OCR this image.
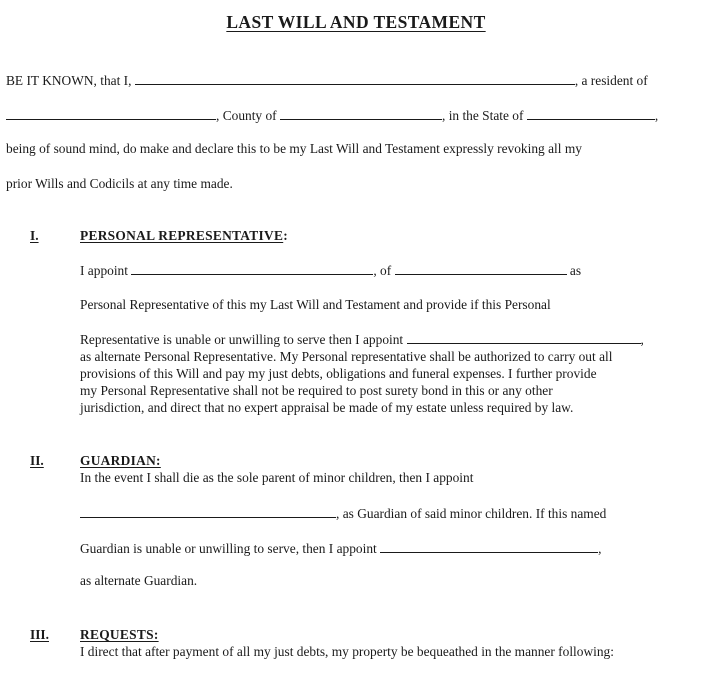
LAST WILL AND TESTAMENT
BE IT KNOWN, that I,	, a resident of
, County of	, in the State of	,
being of sound mind, do make and declare this to be my Last Will and Testament expressly revoking all my
prior Wills and Codicils at any time made.
I.	PERSONAL REPRESENTATIVE:
I appoint	, of	as
Personal Representative of this my Last Will and Testament and provide if this Personal
Representative is unable or unwilling to serve then I appoint	,
as alternate Personal Representative. My Personal representative shall be authorized to carry out all
provisions of this Will and pay my just debts, obligations and funeral expenses. I further provide
my Personal Representative shall not be required to post surety bond in this or any other
jurisdiction, and direct that no expert appraisal be made of my estate unless required by law.
II.	GUARDIAN:
In the event I shall die as the sole parent of minor children, then I appoint
, as Guardian of said minor children. If this named
Guardian is unable or unwilling to serve, then I appoint	,
as alternate Guardian.
III. REQUESTS:
I direct that after payment of all my just debts, my property be bequeathed in the manner following:
